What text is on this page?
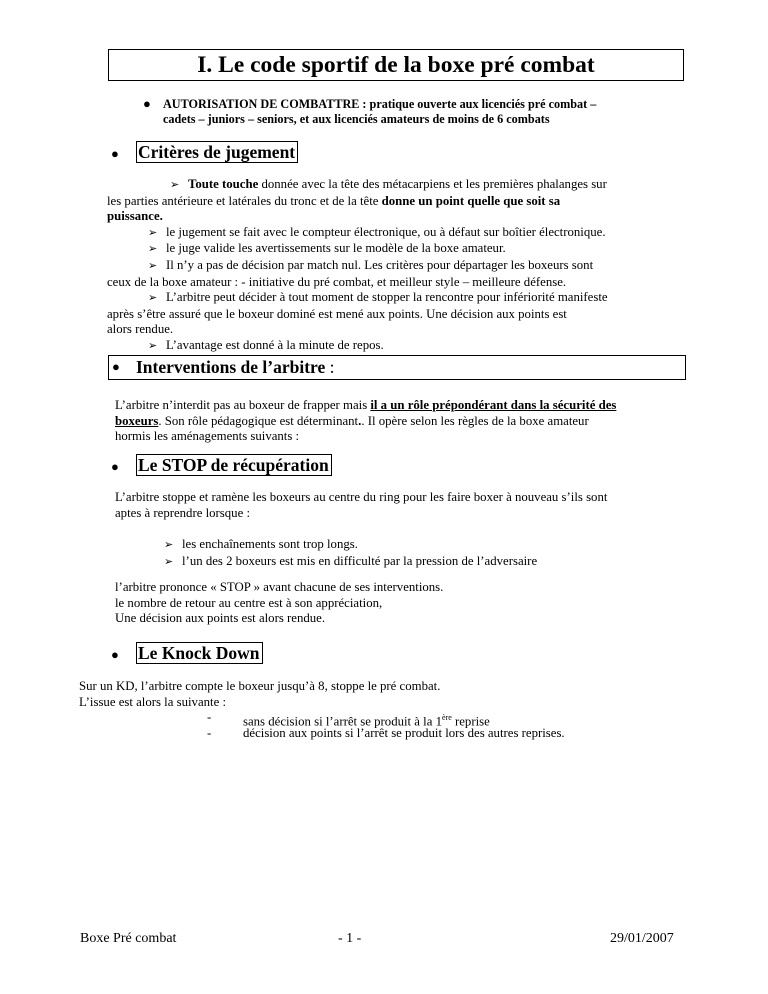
I. Le code sportif de la boxe pré combat
● AUTORISATION DE COMBATTRE : pratique ouverte aux licenciés pré combat –
cadets – juniors – seniors, et aux licenciés amateurs de moins de 6 combats
● Critères de jugement
➢ Toute touche donnée avec la tête des métacarpiens et les premières phalanges sur
les parties antérieure et latérales du tronc et de la tête donne un point quelle que soit sa
puissance.
➢ le jugement se fait avec le compteur électronique, ou à défaut sur boîtier électronique.
➢ le juge valide les avertissements sur le modèle de la boxe amateur.
➢ Il n’y a pas de décision par match nul. Les critères pour départager les boxeurs sont
ceux de la boxe amateur : - initiative du pré combat, et meilleur style – meilleure défense.
➢ L’arbitre peut décider à tout moment de stopper la rencontre pour infériorité manifeste
après s’être assuré que le boxeur dominé est mené aux points. Une décision aux points est
alors rendue.
➢ L’avantage est donné à la minute de repos.
● Interventions de l’arbitre :
L’arbitre n’interdit pas au boxeur de frapper mais il a un rôle prépondérant dans la sécurité des
boxeurs. Son rôle pédagogique est déterminant.. Il opère selon les règles de la boxe amateur
hormis les aménagements suivants :
● Le STOP de récupération
L’arbitre stoppe et ramène les boxeurs au centre du ring pour les faire boxer à nouveau s’ils sont
aptes à reprendre lorsque :
➢ les enchaînements sont trop longs.
➢ l’un des 2 boxeurs est mis en difficulté par la pression de l’adversaire
l’arbitre prononce « STOP » avant chacune de ses interventions.
le nombre de retour au centre est à son appréciation,
Une décision aux points est alors rendue.
● Le Knock Down
Sur un KD, l’arbitre compte le boxeur jusqu’à 8, stoppe le pré combat.
L’issue est alors la suivante :
- sans décision si l’arrêt se produit à la 1ère reprise
- décision aux points si l’arrêt se produit lors des autres reprises.
Boxe Pré combat	- 1 -	29/01/2007
